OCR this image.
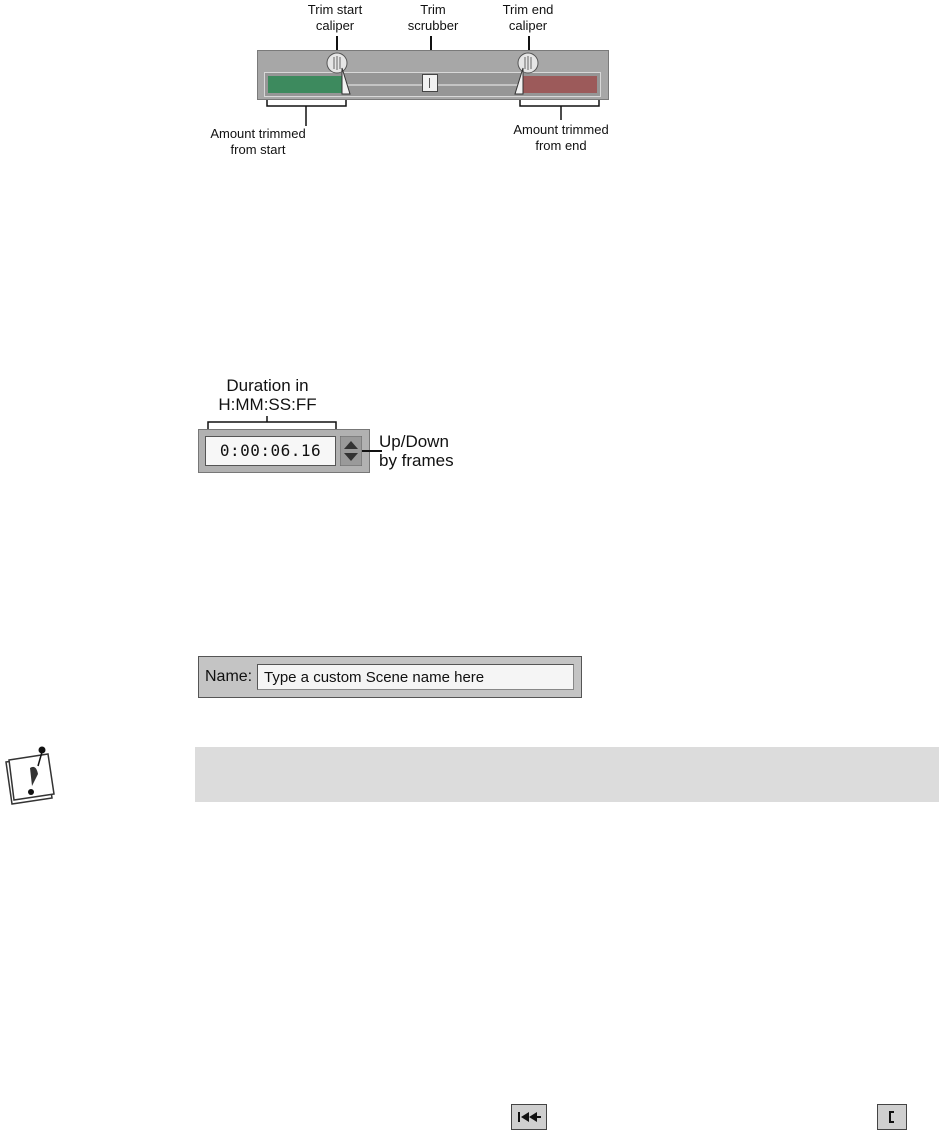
Trim start
caliper
Trim
scrubber
Trim end
caliper
Amount trimmed
from start
Amount trimmed
from end
Duration in
H:MM:SS:FF
0:00:06.16	Up/Down
by frames
Name:
Type a custom Scene name here
